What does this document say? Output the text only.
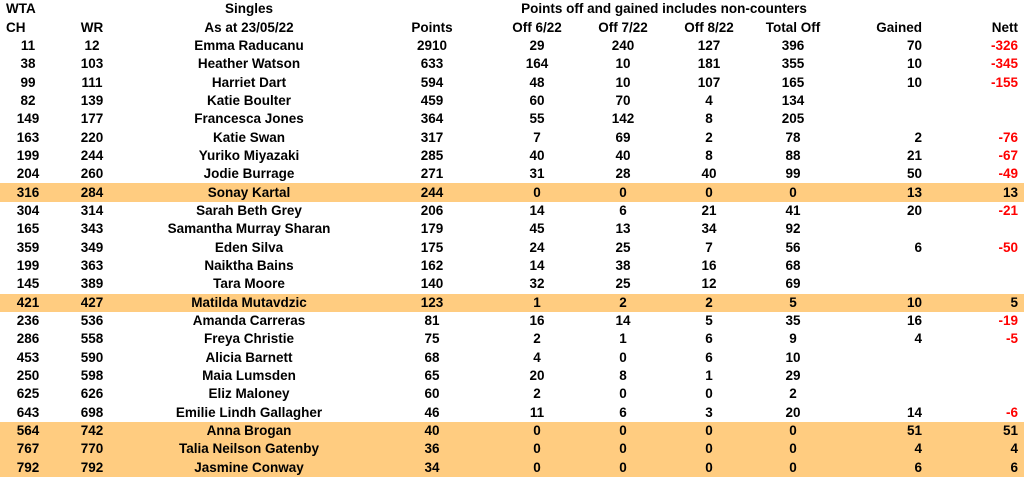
WTA		Singles		Points off and gained includes non-counters					
CH	WR	As at 23/05/22	Points	Off 6/22	Off 7/22	Off 8/22	Total Off	Gained	Nett
11	12	Emma Raducanu	2910	29	240	127	396	70	-326
38	103	Heather Watson	633	164	10	181	355	10	-345
99	111	Harriet Dart	594	48	10	107	165	10	-155
82	139	Katie Boulter	459	60	70	4	134		
149	177	Francesca Jones	364	55	142	8	205		
163	220	Katie Swan	317	7	69	2	78	2	-76
199	244	Yuriko Miyazaki	285	40	40	8	88	21	-67
204	260	Jodie Burrage	271	31	28	40	99	50	-49
316	284	Sonay Kartal	244	0	0	0	0	13	13
304	314	Sarah Beth Grey	206	14	6	21	41	20	-21
165	343	Samantha Murray Sharan	179	45	13	34	92		
359	349	Eden Silva	175	24	25	7	56	6	-50
199	363	Naiktha Bains	162	14	38	16	68		
145	389	Tara Moore	140	32	25	12	69		
421	427	Matilda Mutavdzic	123	1	2	2	5	10	5
236	536	Amanda Carreras	81	16	14	5	35	16	-19
286	558	Freya Christie	75	2	1	6	9	4	-5
453	590	Alicia Barnett	68	4	0	6	10		
250	598	Maia Lumsden	65	20	8	1	29		
625	626	Eliz Maloney	60	2	0	0	2		
643	698	Emilie Lindh Gallagher	46	11	6	3	20	14	-6
564	742	Anna Brogan	40	0	0	0	0	51	51
767	770	Talia Neilson Gatenby	36	0	0	0	0	4	4
792	792	Jasmine Conway	34	0	0	0	0	6	6
